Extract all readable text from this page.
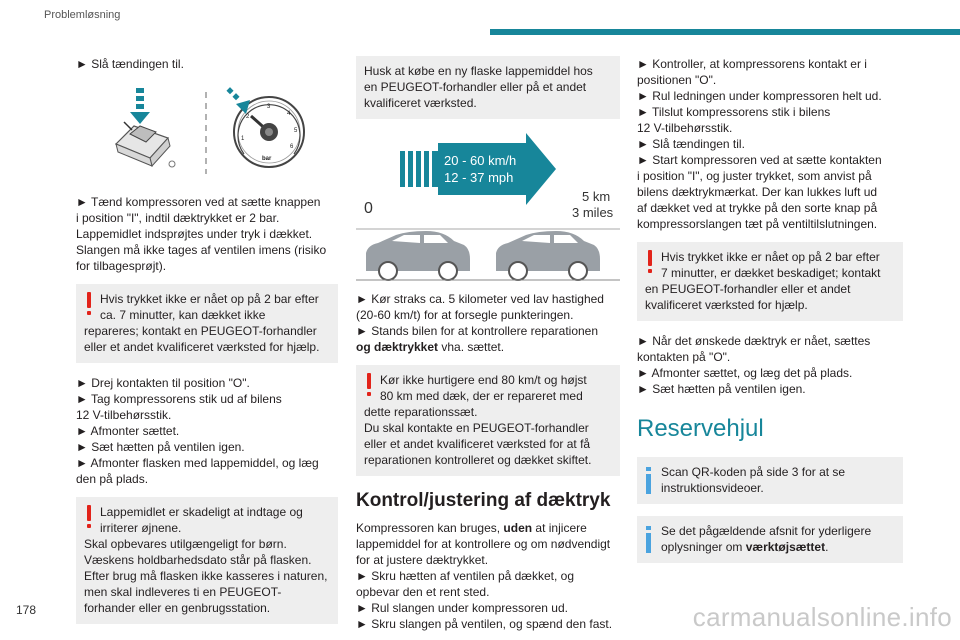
Problemløsning

► Slå tændingen til.

1
2
3
4
5
6
bar

► Tænd kompressoren ved at sætte knappen
i position "I", indtil dæktrykket er 2 bar.
Lappemidlet indsprøjtes under tryk i dækket.
Slangen må ikke tages af ventilen imens (risiko
for tilbagesprøjt).

Hvis trykket ikke er nået op på 2 bar efter
ca. 7 minutter, kan dækket ikke
repareres; kontakt en PEUGEOT-forhandler
eller et andet kvalificeret værksted for hjælp.

► Drej kontakten til position "O".
► Tag kompressorens stik ud af bilens
12 V-tilbehørsstik.
► Afmonter sættet.
► Sæt hætten på ventilen igen.
► Afmonter flasken med lappemiddel, og læg
den på plads.

Lappemidlet er skadeligt at indtage og
irriterer øjnene.
Skal opbevares utilgængeligt for børn.
Væskens holdbarhedsdato står på flasken.
Efter brug må flasken ikke kasseres i naturen,
men skal indleveres ti en PEUGEOT-
forhander eller en genbrugsstation.

Husk at købe en ny flaske lappemiddel hos
en PEUGEOT-forhandler eller på et andet
kvalificeret værksted.

20 - 60 km/h
12 - 37 mph
0
5 km
3 miles

► Kør straks ca. 5 kilometer ved lav hastighed
(20-60 km/t) for at forsegle punkteringen.
► Stands bilen for at kontrollere reparationen
og dæktrykket vha. sættet.

Kør ikke hurtigere end 80 km/t og højst
80 km med dæk, der er repareret med
dette reparationssæt.
Du skal kontakte en PEUGEOT-forhandler
eller et andet kvalificeret værksted for at få
reparationen kontrolleret og dækket skiftet.

Kontrol/justering af dæktryk

Kompressoren kan bruges, uden at injicere
lappemiddel for at kontrollere og om nødvendigt
for at justere dæktrykket.
► Skru hætten af ventilen på dækket, og
opbevar den et rent sted.
► Rul slangen under kompressoren ud.
► Skru slangen på ventilen, og spænd den fast.

► Kontroller, at kompressorens kontakt er i
positionen "O".
► Rul ledningen under kompressoren helt ud.
► Tilslut kompressorens stik i bilens
12 V-tilbehørsstik.
► Slå tændingen til.
► Start kompressoren ved at sætte kontakten
i position "I", og juster trykket, som anvist på
bilens dæktrykmærkat. Der kan lukkes luft ud
af dækket ved at trykke på den sorte knap på
kompressorslangen tæt på ventiltilslutningen.

Hvis trykket ikke er nået op på 2 bar efter
7 minutter, er dækket beskadiget; kontakt
en PEUGEOT-forhandler eller et andet
kvalificeret værksted for hjælp.

► Når det ønskede dæktryk er nået, sættes
kontakten på "O".
► Afmonter sættet, og læg det på plads.
► Sæt hætten på ventilen igen.

Reservehjul

Scan QR-koden på side 3 for at se
instruktionsvideoer.

Se det pågældende afsnit for yderligere
oplysninger om værktøjsættet.

178	carmanualsonline.info
